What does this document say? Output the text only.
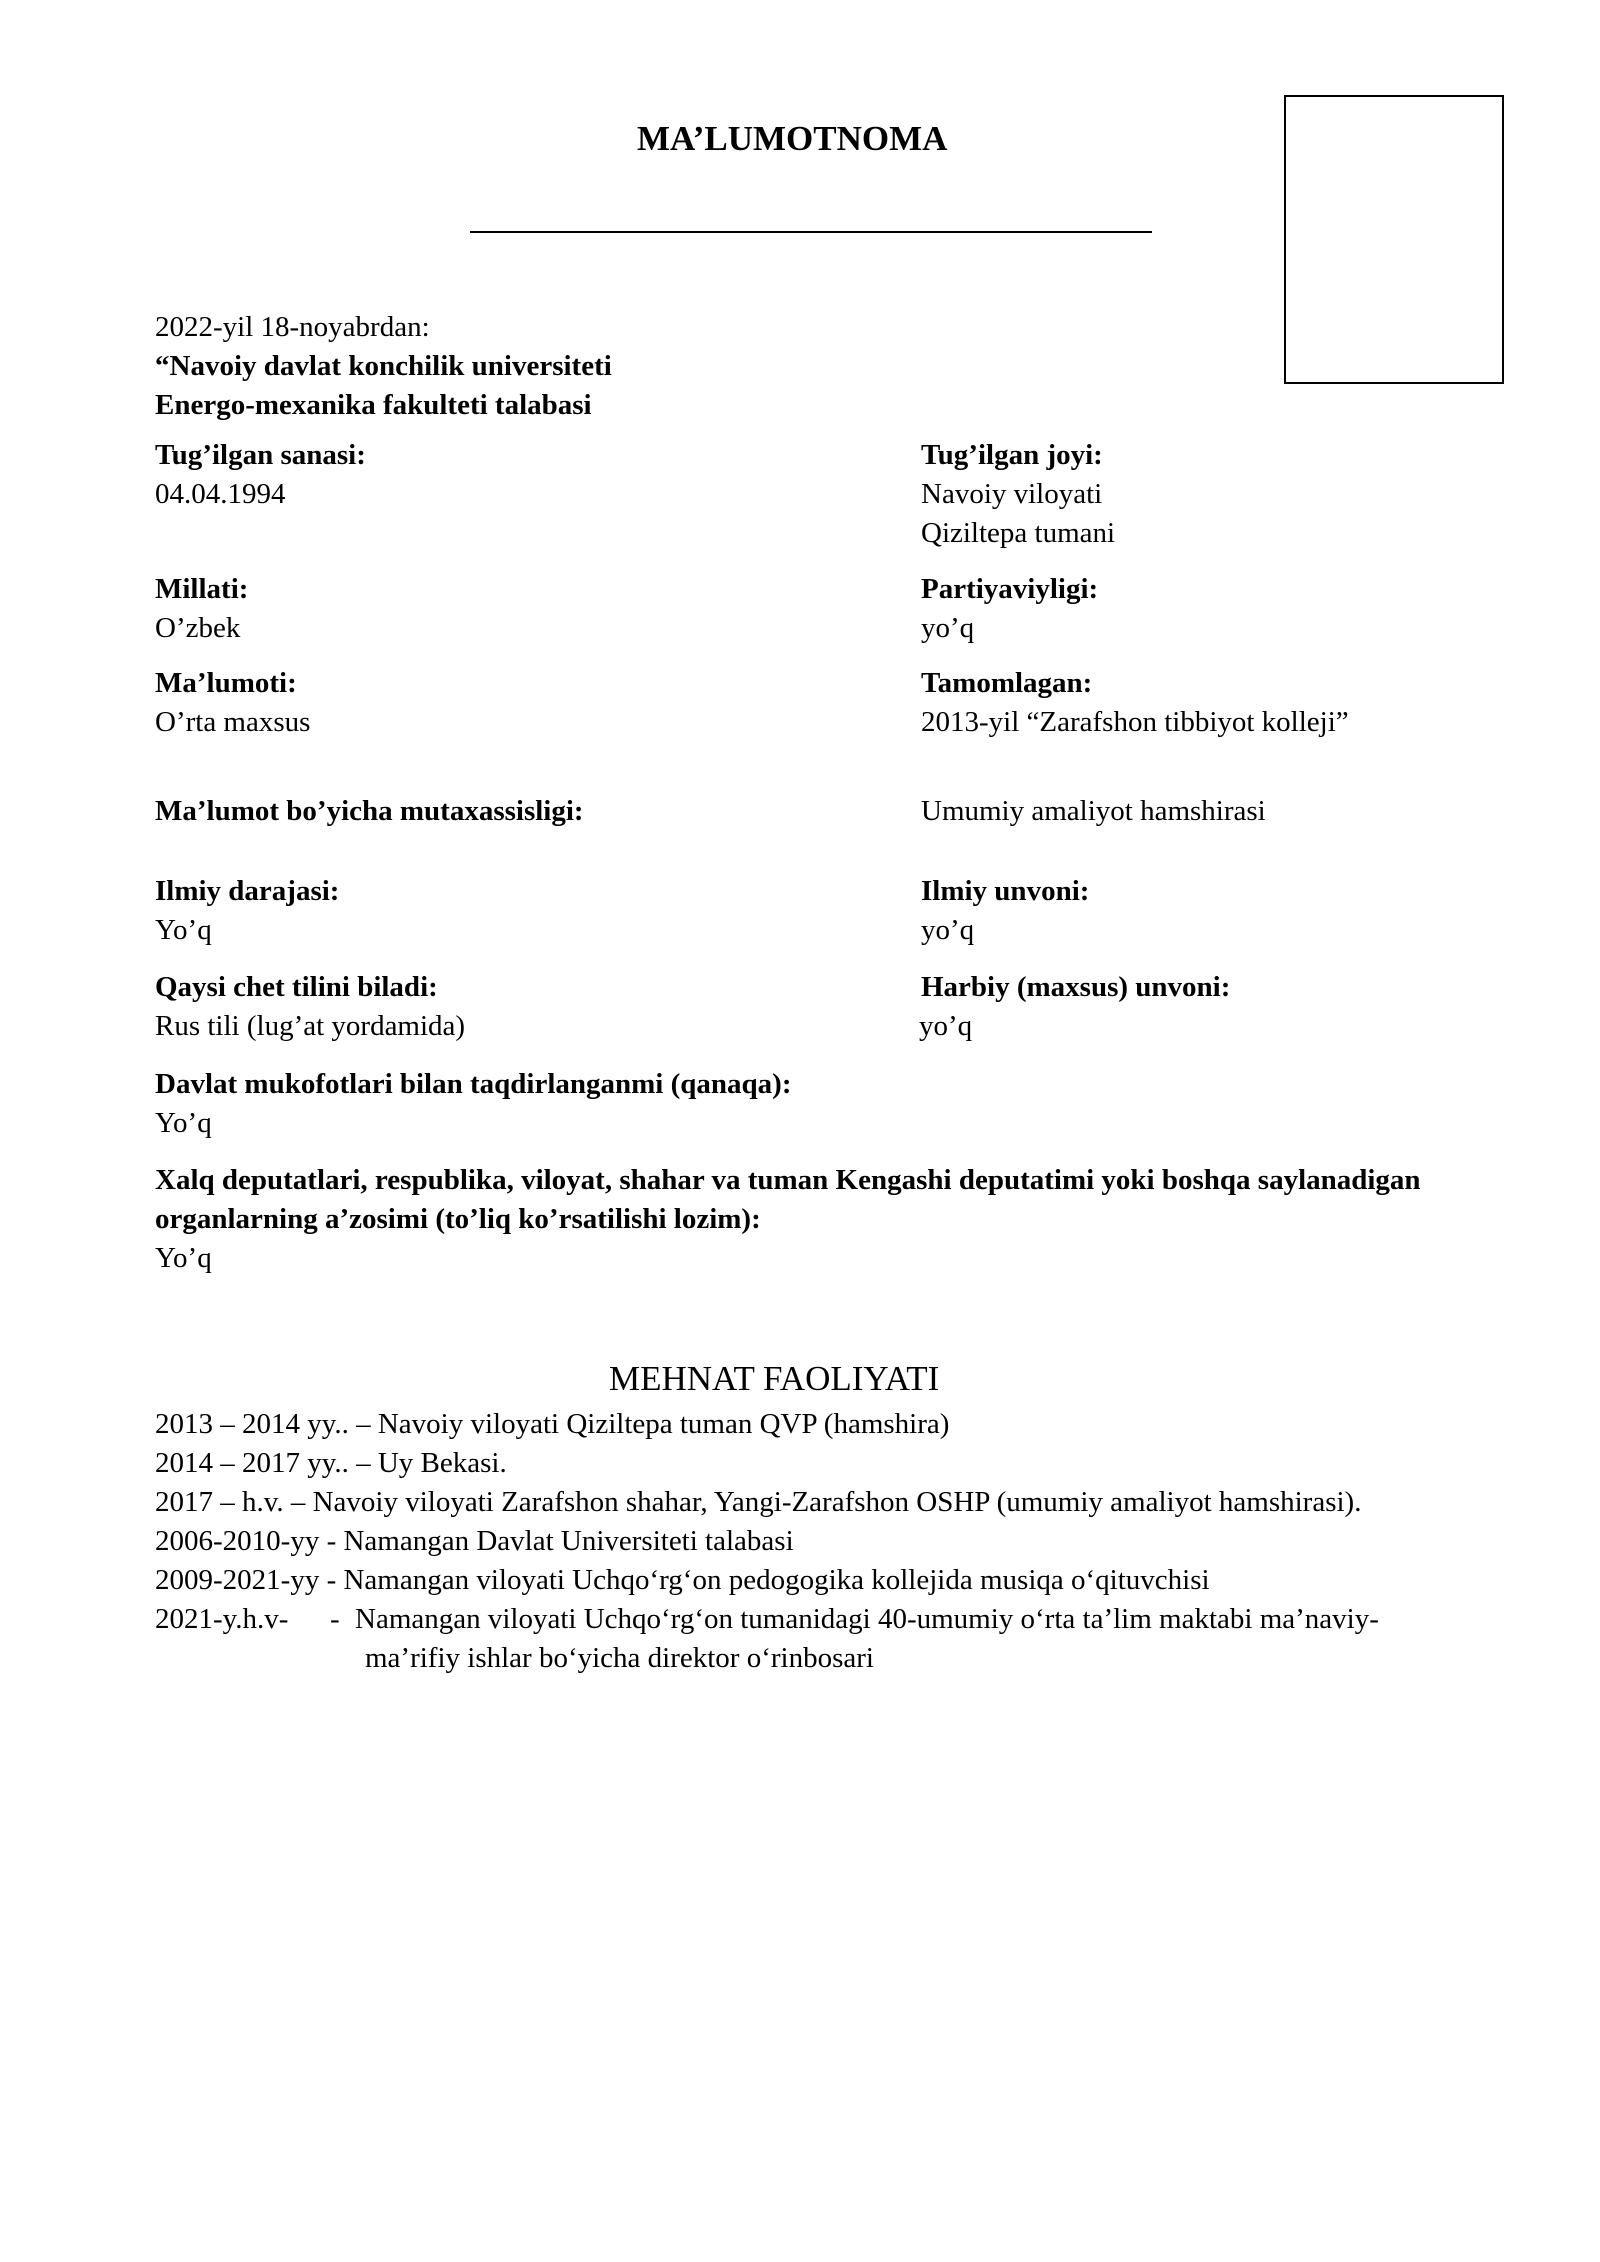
MA’LUMOTNOMA
2022-yil 18-noyabrdan:
“Navoiy davlat konchilik universiteti
Energo-mexanika fakulteti talabasi
Tug’ilgan sanasi:
04.04.1994
Tug’ilgan joyi:
Navoiy viloyati
Qiziltepa tumani
Millati:
O’zbek
Partiyaviyligi:
yo’q
Ma’lumoti:
O’rta maxsus
Tamomlagan:
2013-yil “Zarafshon tibbiyot kolleji”
Ma’lumot bo’yicha mutaxassisligi:	Umumiy amaliyot hamshirasi
Ilmiy darajasi:
Yo’q
Ilmiy unvoni:
yo’q
Qaysi chet tilini biladi:
Rus tili (lug’at yordamida)
Harbiy (maxsus) unvoni:
yo’q
Davlat mukofotlari bilan taqdirlanganmi (qanaqa):
Yo’q
Xalq deputatlari, respublika, viloyat, shahar va tuman Kengashi deputatimi yoki boshqa saylanadigan
organlarning a’zosimi (to’liq ko’rsatilishi lozim):
Yo’q
MEHNAT FAOLIYATI
2013 – 2014 yy.. – Navoiy viloyati Qiziltepa tuman QVP (hamshira)
2014 – 2017 yy.. – Uy Bekasi.
2017 – h.v. – Navoiy viloyati Zarafshon shahar, Yangi-Zarafshon OSHP (umumiy amaliyot hamshirasi).
2006-2010-yy - Namangan Davlat Universiteti talabasi
2009-2021-yy - Namangan viloyati Uchqo‘rg‘on pedogogika kollejida musiqa o‘qituvchisi
2021-y.h.v- - Namangan viloyati Uchqo‘rg‘on tumanidagi 40-umumiy o‘rta ta’lim maktabi ma’naviy-
ma’rifiy ishlar bo‘yicha direktor o‘rinbosari
